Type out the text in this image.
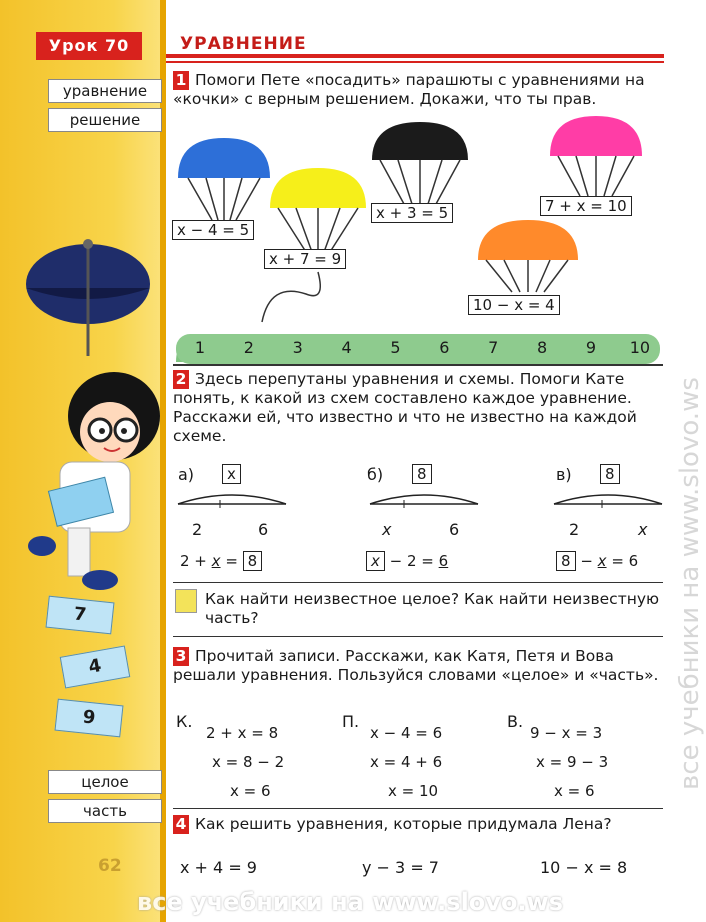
Урок 70	УРАВНЕНИЕ
уравнение
решение
целое
часть
7
4
9
62
1 Помоги Пете «посадить» парашюты с уравнениями на «кочки» с верным решением. Докажи, что ты прав.
x − 4 = 5
x + 7 = 9
x + 3 = 5	7 + x = 10
10 − x = 4
1	2	3	4	5	6	7	8	9	10
2 Здесь перепутаны уравнения и схемы. Помоги Кате понять, к какой из схем составлено каждое уравнение. Расскажи ей, что известно и что не известно на каждой схеме.
а)	x
2	6
2 + x = 8
б)	8
x	6
x − 2 = 6
в)	8
2	x
8 − x = 6
Как найти неизвестное целое? Как найти неизвестную часть?
3 Прочитай записи. Расскажи, как Катя, Петя и Вова решали уравнения. Пользуйся словами «целое» и «часть».
К.
2 + x = 8
x = 8 − 2
x = 6
П.
x − 4 = 6
x = 4 + 6
x = 10
В.
9 − x = 3
x = 9 − 3
x = 6
4 Как решить уравнения, которые придумала Лена?
x + 4 = 9	y − 3 = 7	10 − x = 8
все учебники на www.slovo.ws
все учебники на www.slovo.ws
